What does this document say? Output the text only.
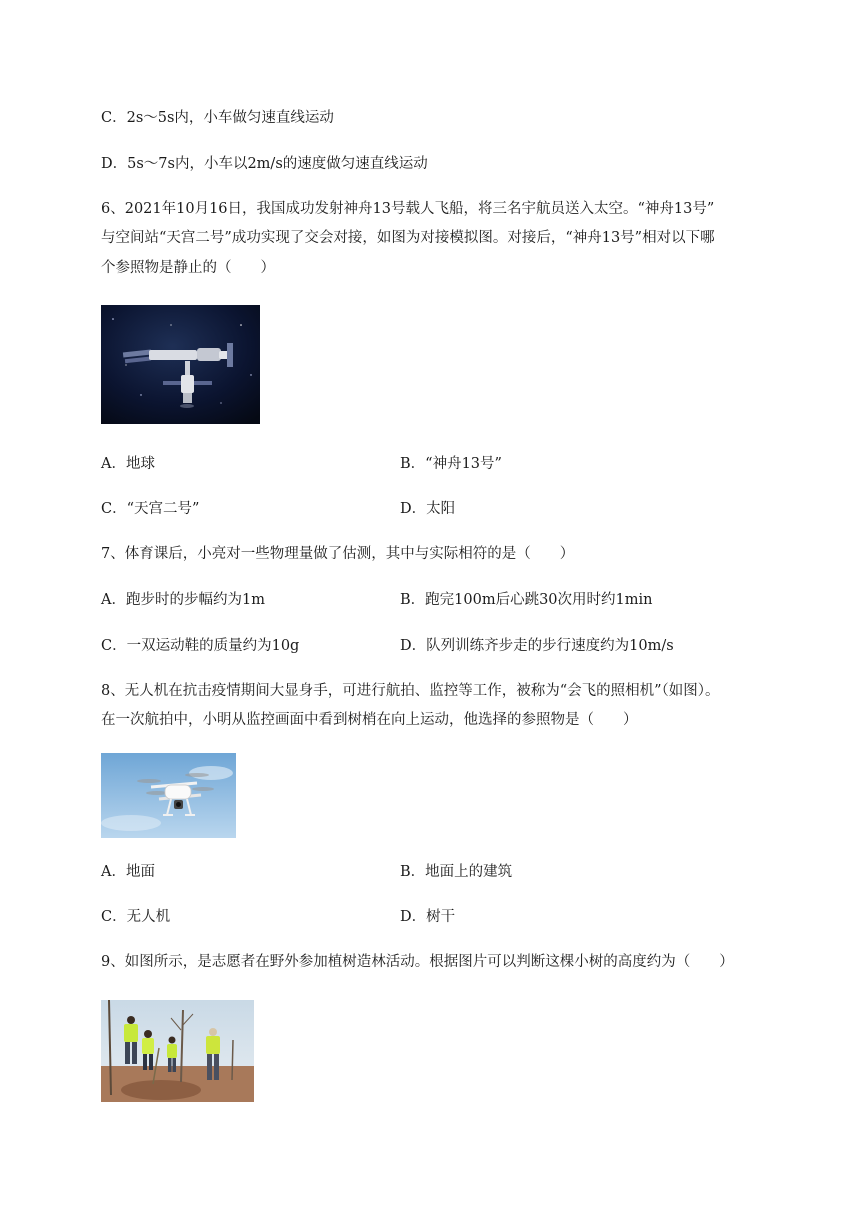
C．2s～5s内，小车做匀速直线运动
D．5s～7s内，小车以2m/s的速度做匀速直线运动
6、2021年10月16日，我国成功发射神舟13号载人飞船，将三名宇航员送入太空。“神舟13号”
与空间站“天宫二号”成功实现了交会对接，如图为对接模拟图。对接后，“神舟13号”相对以下哪
个参照物是静止的（　　）
A．地球	B．“神舟13号”
C．“天宫二号”	D．太阳
7、体育课后，小亮对一些物理量做了估测，其中与实际相符的是（　　）
A．跑步时的步幅约为1m	B．跑完100m后心跳30次用时约1min
C．一双运动鞋的质量约为10g	D．队列训练齐步走的步行速度约为10m/s
8、无人机在抗击疫情期间大显身手，可进行航拍、监控等工作，被称为“会飞的照相机”（如图）。
在一次航拍中，小明从监控画面中看到树梢在向上运动，他选择的参照物是（　　）
A．地面	B．地面上的建筑
C．无人机	D．树干
9、如图所示，是志愿者在野外参加植树造林活动。根据图片可以判断这棵小树的高度约为（　　）
